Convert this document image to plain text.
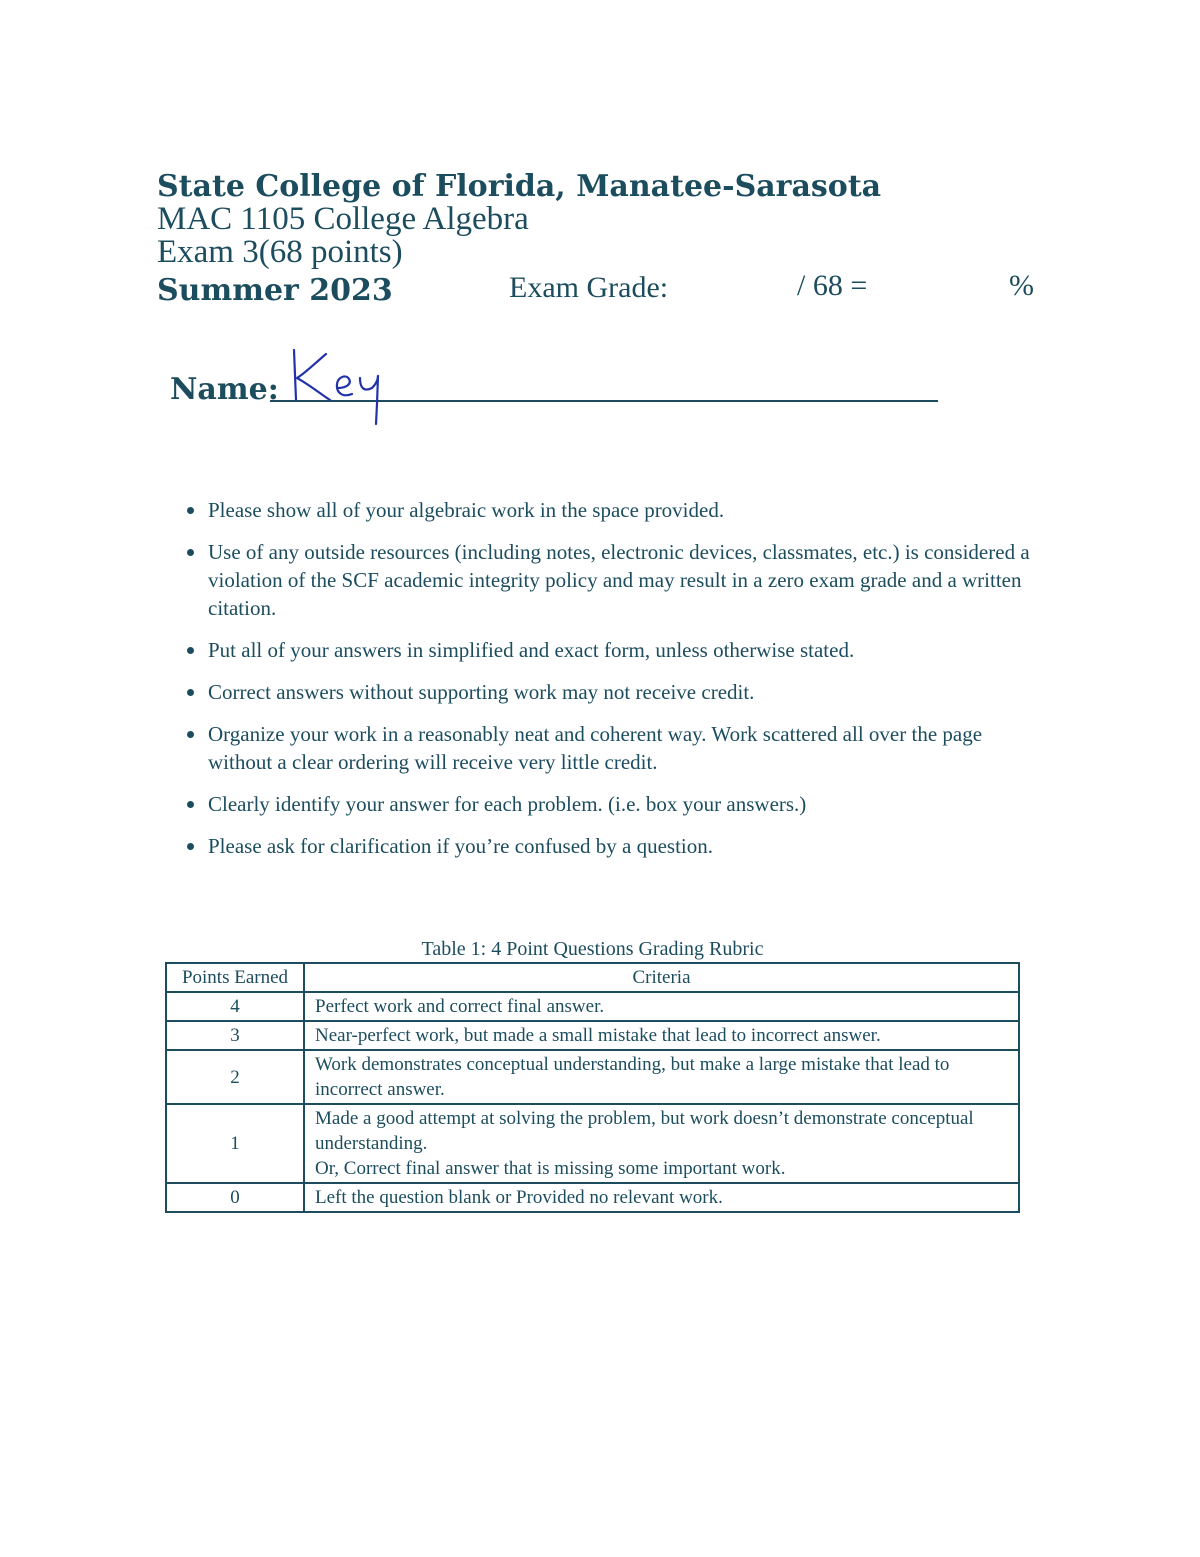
State College of Florida, Manatee-Sarasota
MAC 1105 College Algebra
Exam 3(68 points)
Summer 2023	Exam Grade:	/ 68 =	%
Name:
Please show all of your algebraic work in the space provided.
Use of any outside resources (including notes, electronic devices, classmates, etc.) is considered a violation of the SCF academic integrity policy and may result in a zero exam grade and a written citation.
Put all of your answers in simplified and exact form, unless otherwise stated.
Correct answers without supporting work may not receive credit.
Organize your work in a reasonably neat and coherent way. Work scattered all over the page without a clear ordering will receive very little credit.
Clearly identify your answer for each problem. (i.e. box your answers.)
Please ask for clarification if you’re confused by a question.
Table 1: 4 Point Questions Grading Rubric
Points Earned	Criteria
4	Perfect work and correct final answer.
3	Near-perfect work, but made a small mistake that lead to incorrect answer.
2	Work demonstrates conceptual understanding, but make a large mistake that lead to incorrect answer.
1	Made a good attempt at solving the problem, but work doesn’t demonstrate conceptual understanding.
Or, Correct final answer that is missing some important work.
0	Left the question blank or Provided no relevant work.
